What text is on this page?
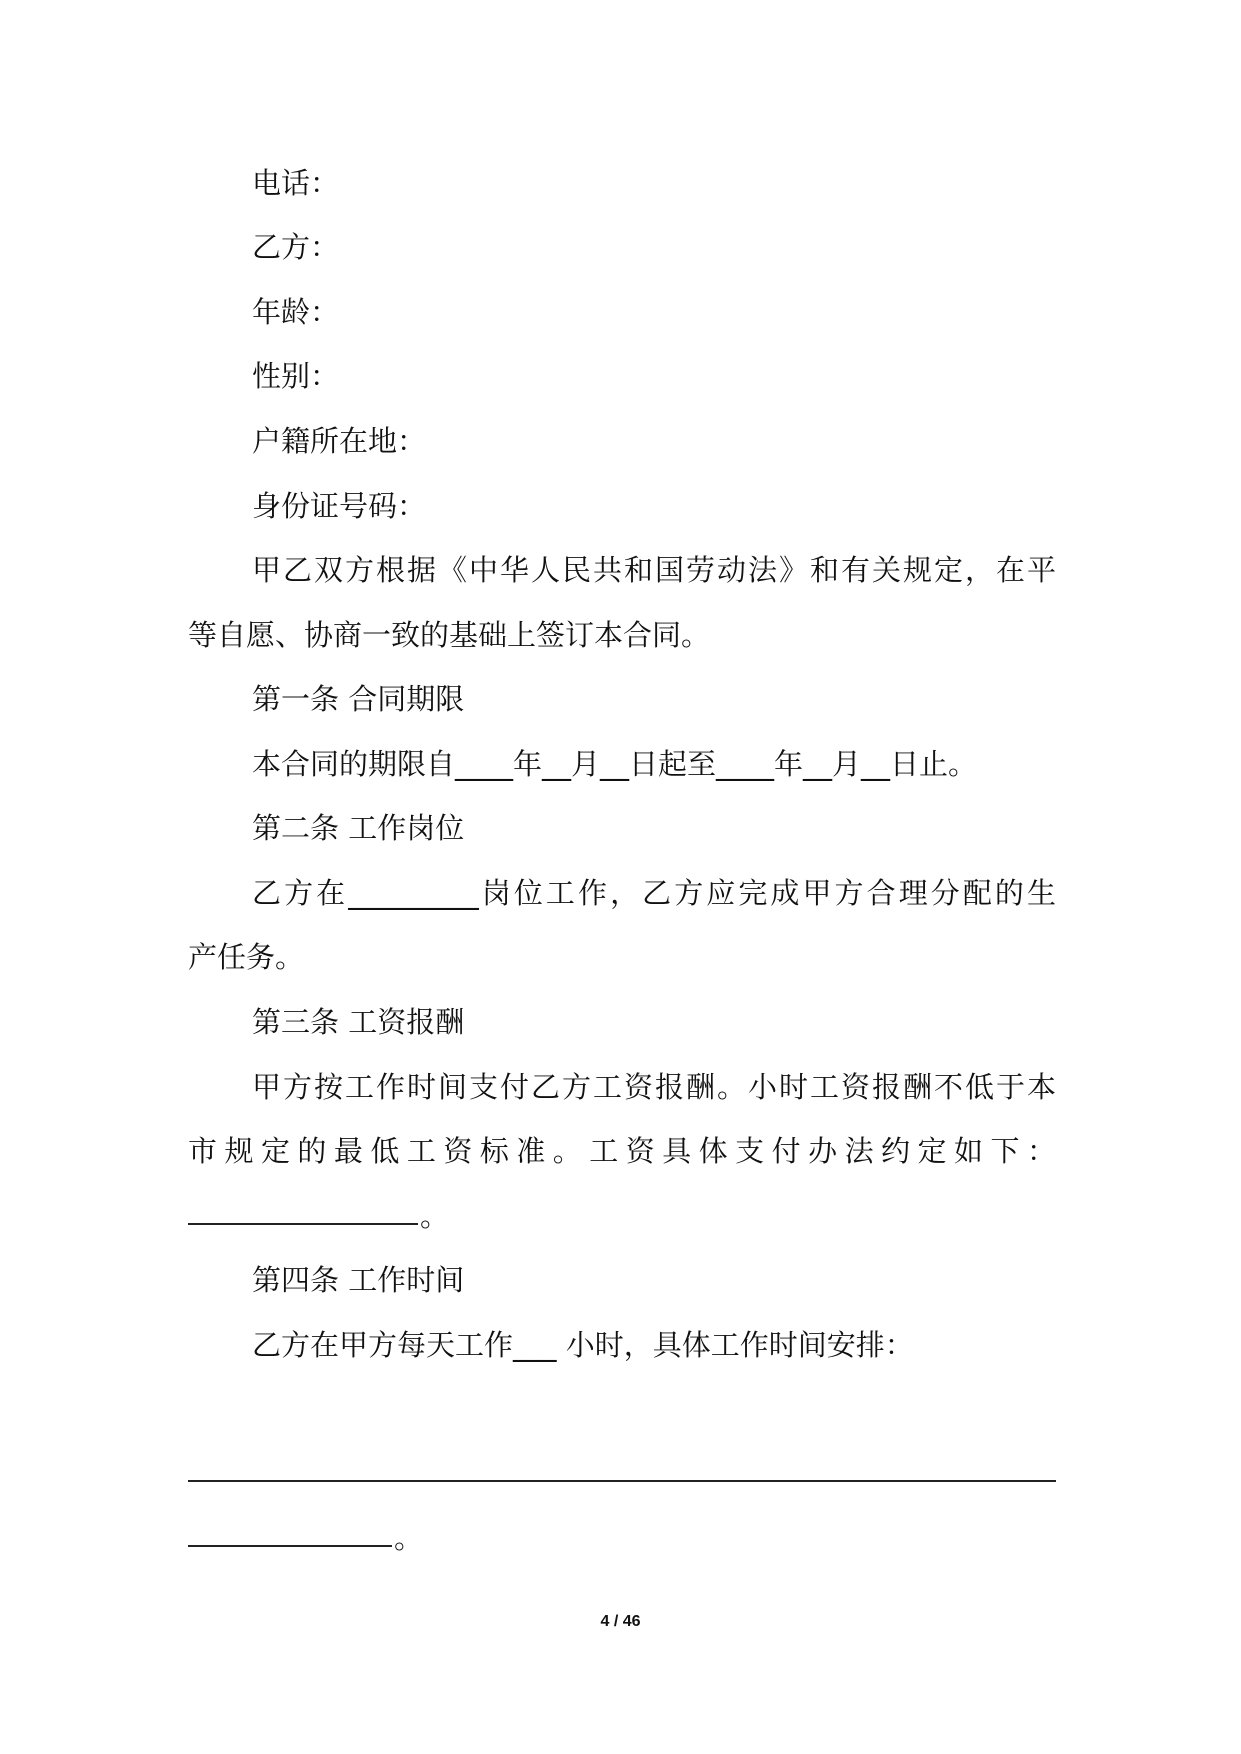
电话：
乙方：
年龄：
性别：
户籍所在地：
身份证号码：
甲乙双方根据《中华人民共和国劳动法》和有关规定，在平
等自愿、协商一致的基础上签订本合同。
第一条 合同期限
本合同的期限自____年__月__日起至____年__月__日止。
第二条 工作岗位
乙方在_________岗位工作，乙方应完成甲方合理分配的生
产任务。
第三条 工资报酬
甲方按工作时间支付乙方工资报酬。小时工资报酬不低于本
市规定的最低工资标准。工资具体支付办法约定如下：
。
第四条 工作时间
乙方在甲方每天工作___ 小时，具体工作时间安排：
。
4 / 46
